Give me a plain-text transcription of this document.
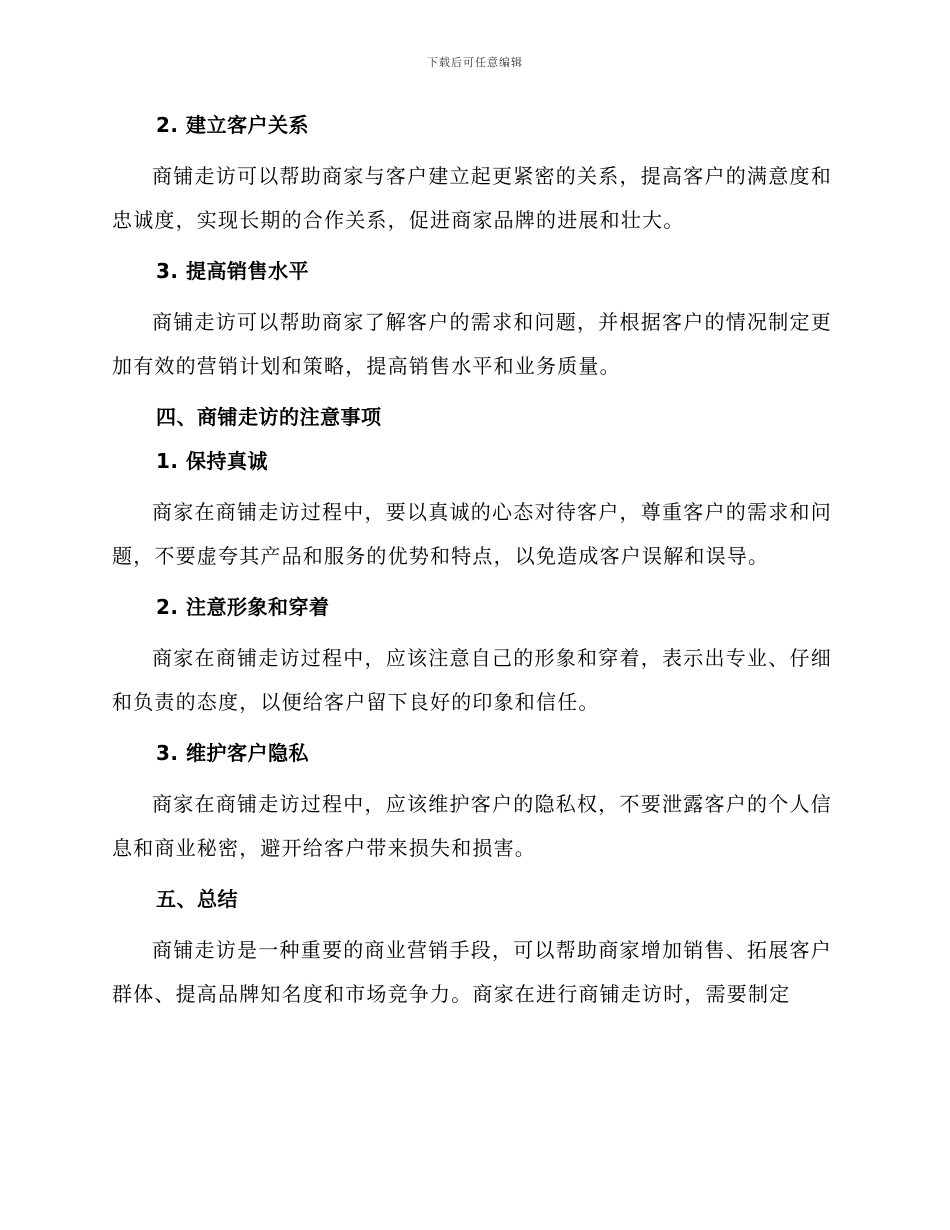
下载后可任意编辑
2. 建立客户关系

商铺走访可以帮助商家与客户建立起更紧密的关系，提高客户的满意度和忠诚度，实现长期的合作关系，促进商家品牌的进展和壮大。

3. 提高销售水平

商铺走访可以帮助商家了解客户的需求和问题，并根据客户的情况制定更加有效的营销计划和策略，提高销售水平和业务质量。

四、商铺走访的注意事项
1. 保持真诚

商家在商铺走访过程中，要以真诚的心态对待客户，尊重客户的需求和问题，不要虚夸其产品和服务的优势和特点，以免造成客户误解和误导。

2. 注意形象和穿着

商家在商铺走访过程中，应该注意自己的形象和穿着，表示出专业、仔细和负责的态度，以便给客户留下良好的印象和信任。

3. 维护客户隐私

商家在商铺走访过程中，应该维护客户的隐私权，不要泄露客户的个人信息和商业秘密，避开给客户带来损失和损害。

五、总结

商铺走访是一种重要的商业营销手段，可以帮助商家增加销售、拓展客户群体、提高品牌知名度和市场竞争力。商家在进行商铺走访时，需要制定
